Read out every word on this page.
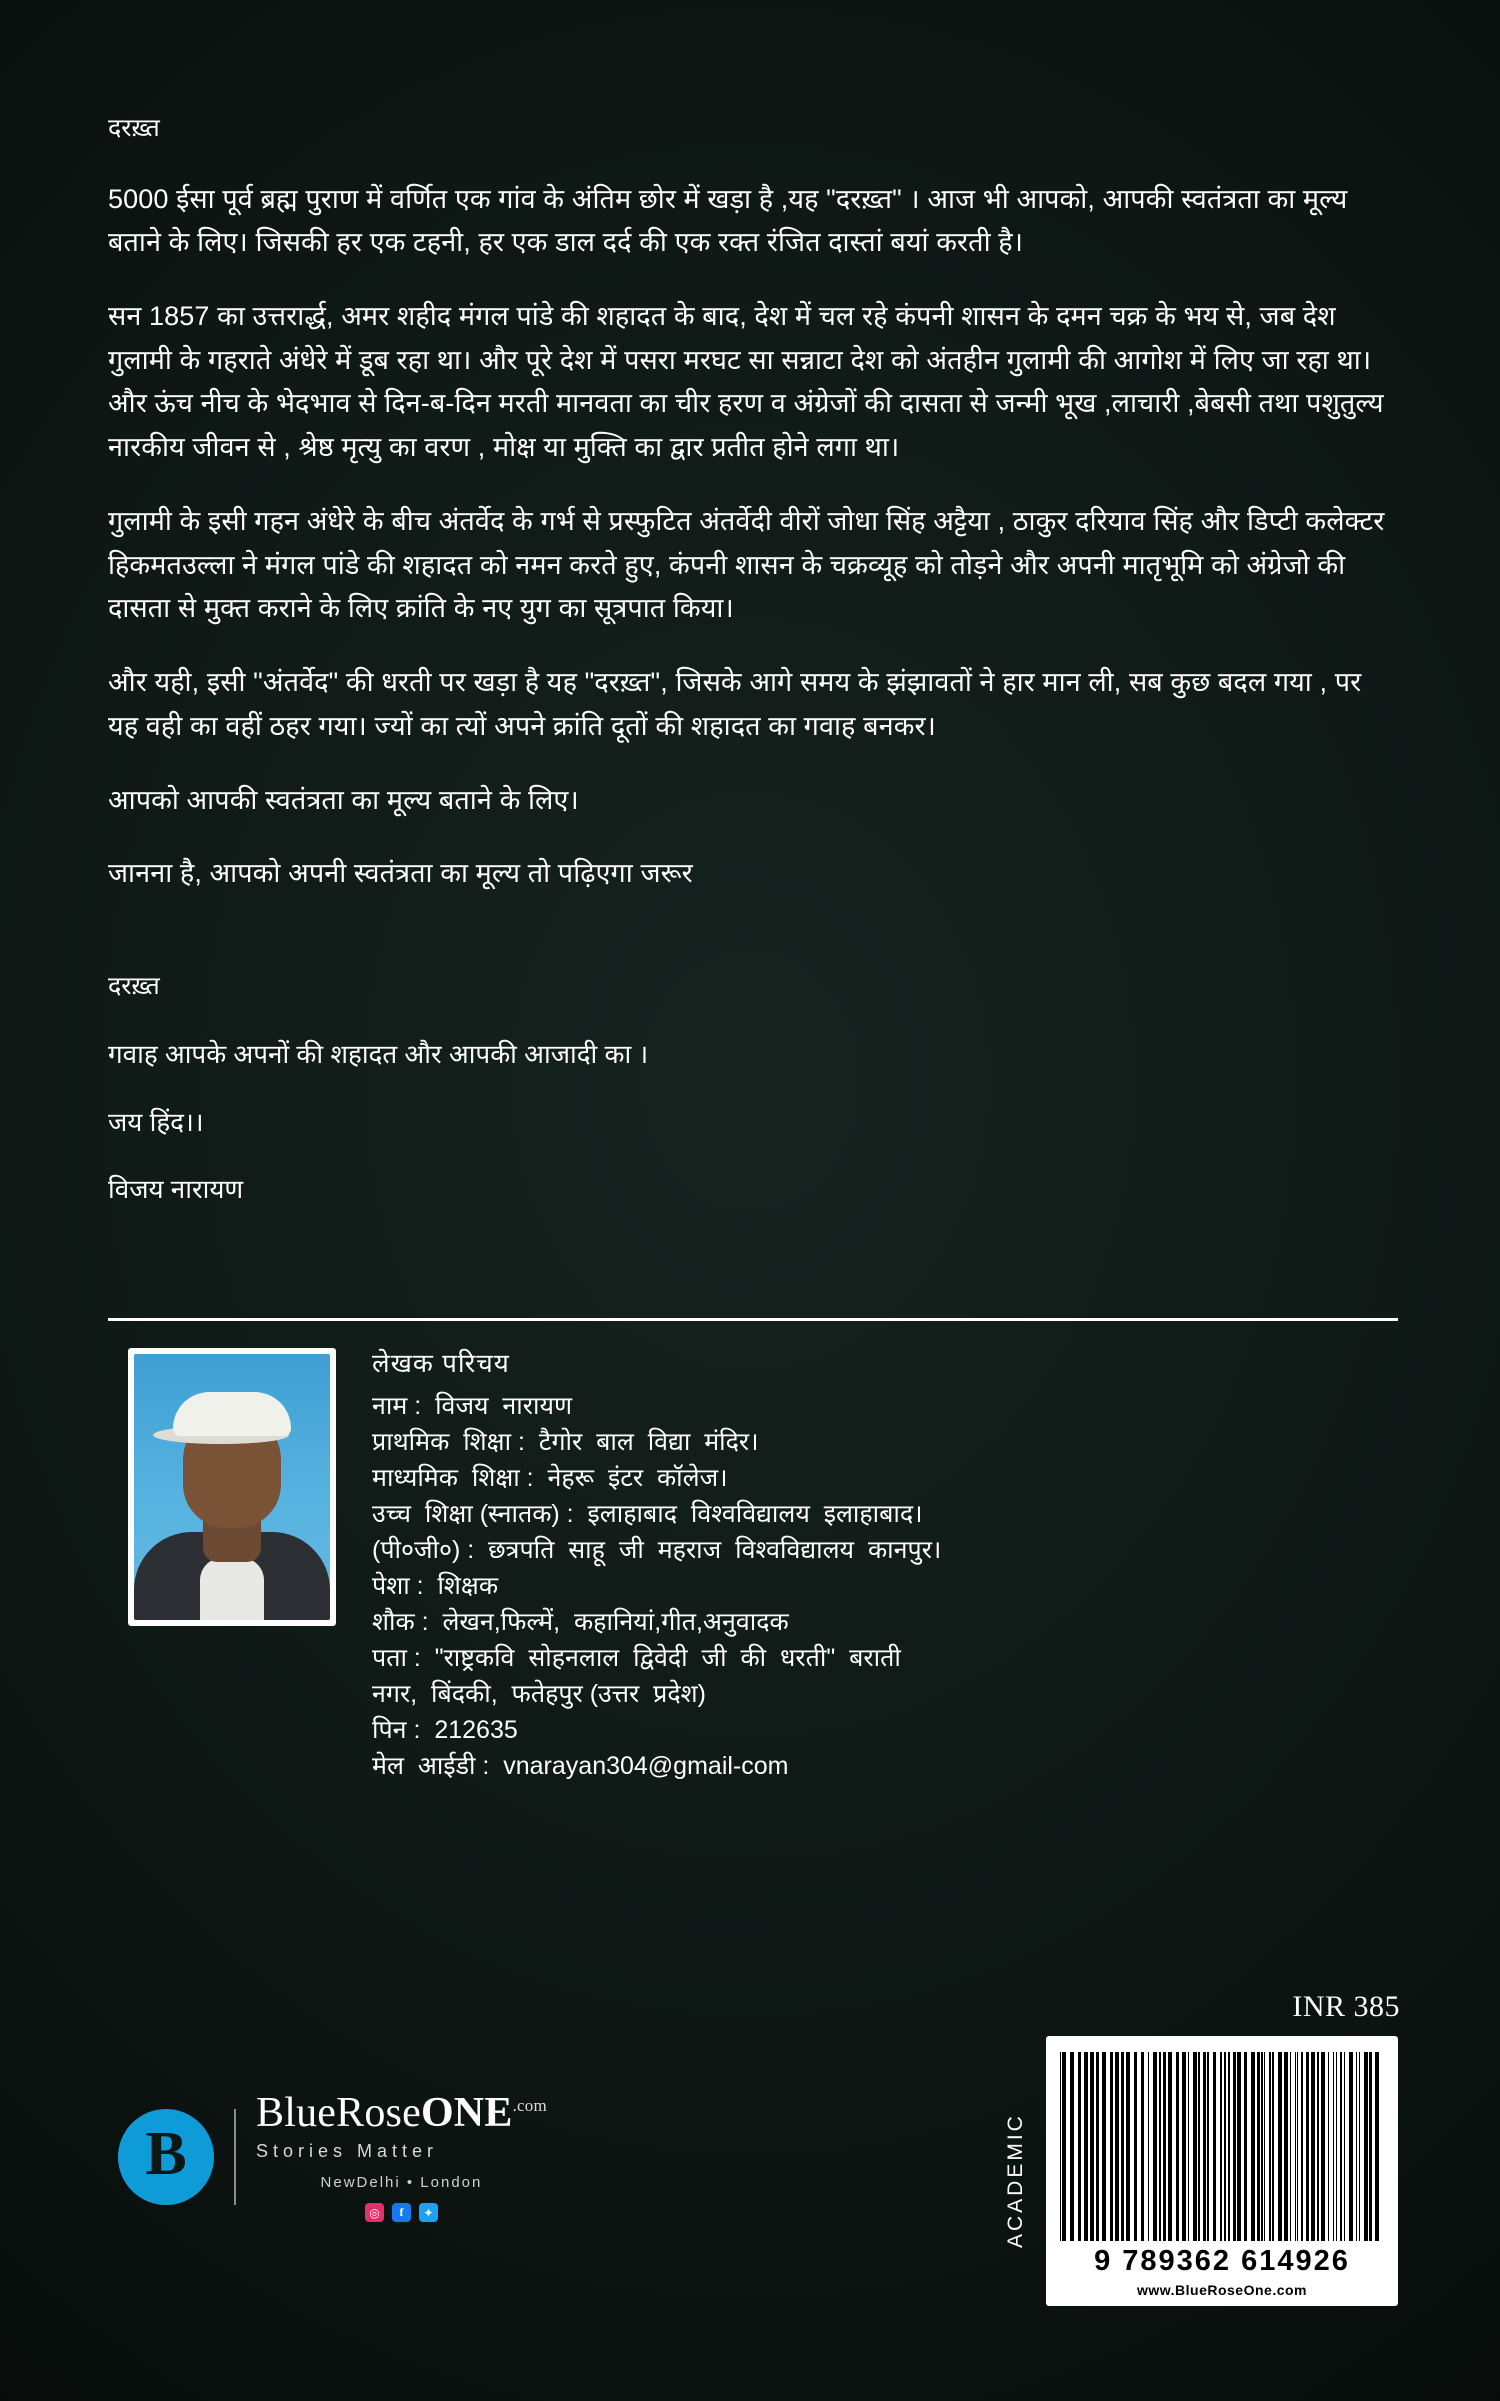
दरख़्त

5000 ईसा पूर्व ब्रह्म पुराण में वर्णित एक गांव के अंतिम छोर में खड़ा है ,यह "दरख़्त" । आज भी आपको, आपकी स्वतंत्रता का मूल्य बताने के लिए। जिसकी हर एक टहनी, हर एक डाल दर्द की एक रक्त रंजित दास्तां बयां करती है।

सन 1857 का उत्तरार्द्ध, अमर शहीद मंगल पांडे की शहादत के बाद, देश में चल रहे कंपनी शासन के दमन चक्र के भय से, जब देश गुलामी के गहराते अंधेरे में डूब रहा था। और पूरे देश में पसरा मरघट सा सन्नाटा देश को अंतहीन गुलामी की आगोश में लिए जा रहा था। और ऊंच नीच के भेदभाव से दिन-ब-दिन मरती मानवता का चीर हरण व अंग्रेजों की दासता से जन्मी भूख ,लाचारी ,बेबसी तथा पशुतुल्य नारकीय जीवन से , श्रेष्ठ मृत्यु का वरण , मोक्ष या मुक्ति का द्वार प्रतीत होने लगा था।

गुलामी के इसी गहन अंधेरे के बीच अंतर्वेद के गर्भ से प्रस्फुटित अंतर्वेदी वीरों जोधा सिंह अट्टैया , ठाकुर दरियाव सिंह और डिप्टी कलेक्टर हिकमतउल्ला ने मंगल पांडे की शहादत को नमन करते हुए, कंपनी शासन के चक्रव्यूह को तोड़ने और अपनी मातृभूमि को अंग्रेजो की दासता से मुक्त कराने के लिए क्रांति के नए युग का सूत्रपात किया।

और यही, इसी "अंतर्वेद" की धरती पर खड़ा है यह "दरख़्त", जिसके आगे समय के झंझावतों ने हार मान ली, सब कुछ बदल गया , पर यह वही का वहीं ठहर गया। ज्यों का त्यों अपने क्रांति दूतों की शहादत का गवाह बनकर।

आपको आपकी स्वतंत्रता का मूल्य बताने के लिए।

जानना है, आपको अपनी स्वतंत्रता का मूल्य तो पढ़िएगा जरूर

दरख़्त

गवाह आपके अपनों की शहादत और आपकी आजादी का ।

जय हिंद।।

विजय नारायण

लेखक परिचय
नाम :  विजय  नारायण
प्राथमिक  शिक्षा :  टैगोर  बाल  विद्या  मंदिर।
माध्यमिक  शिक्षा :  नेहरू  इंटर  कॉलेज।
उच्च  शिक्षा (स्नातक) :  इलाहाबाद  विश्वविद्यालय  इलाहाबाद।
(पी०जी०) :  छत्रपति  साहू  जी  महराज  विश्वविद्यालय  कानपुर।
पेशा :  शिक्षक
शौक :  लेखन,फिल्में,  कहानियां,गीत,अनुवादक
पता :  "राष्ट्रकवि  सोहनलाल  द्विवेदी  जी  की  धरती"  बराती
नगर,  बिंदकी,  फतेहपुर (उत्तर  प्रदेश)
पिन :  212635
मेल  आईडी :  vnarayan304@gmail-com
INR 385
B
BlueRoseONE$^{.com}$
Stories Matter
NewDelhi • London
◎	f	✦	ACADEMIC
9 789362 614926
www.BlueRoseOne.com
